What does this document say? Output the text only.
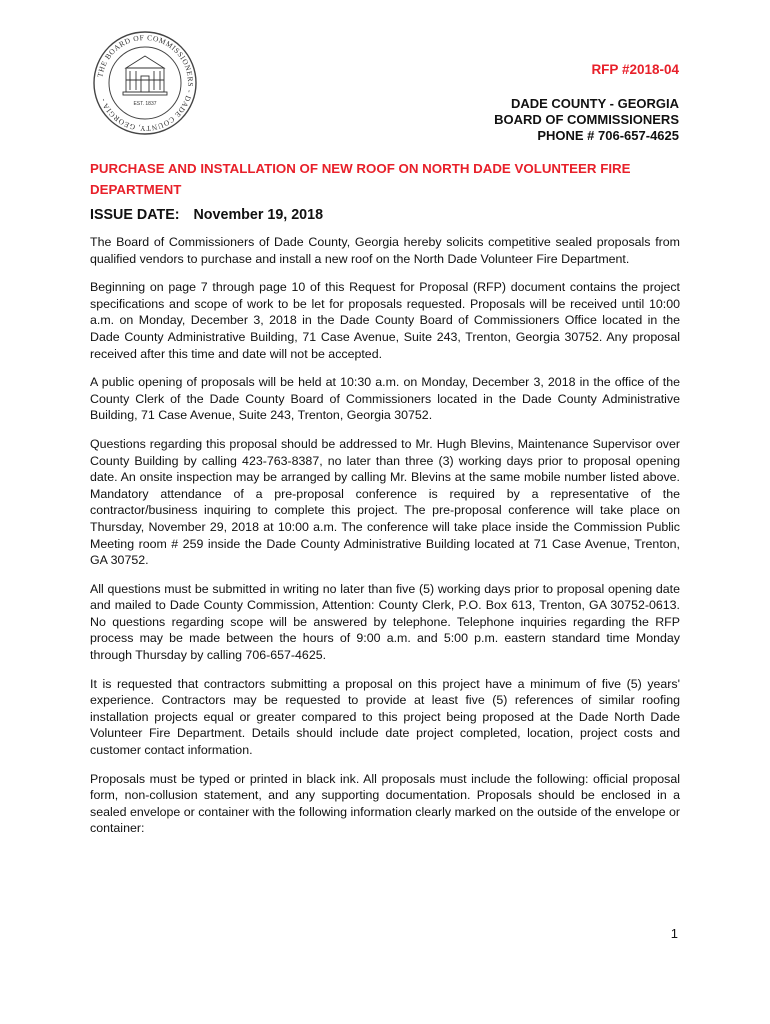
THE BOARD OF COMMISSIONERS - DADE COUNTY, GEORGIA -
EST. 1837
RFP #2018-04
DADE COUNTY - GEORGIA
BOARD OF COMMISSIONERS
PHONE # 706-657-4625
PURCHASE AND INSTALLATION OF NEW ROOF ON NORTH DADE VOLUNTEER FIRE DEPARTMENT
ISSUE DATE: November 19, 2018

The Board of Commissioners of Dade County, Georgia hereby solicits competitive sealed proposals from qualified vendors to purchase and install a new roof on the North Dade Volunteer Fire Department.

Beginning on page 7 through page 10 of this Request for Proposal (RFP) document contains the project specifications and scope of work to be let for proposals requested. Proposals will be received until 10:00 a.m. on Monday, December 3, 2018 in the Dade County Board of Commissioners Office located in the Dade County Administrative Building, 71 Case Avenue, Suite 243, Trenton, Georgia 30752. Any proposal received after this time and date will not be accepted.

A public opening of proposals will be held at 10:30 a.m. on Monday, December 3, 2018 in the office of the County Clerk of the Dade County Board of Commissioners located in the Dade County Administrative Building, 71 Case Avenue, Suite 243, Trenton, Georgia 30752.

Questions regarding this proposal should be addressed to Mr. Hugh Blevins, Maintenance Supervisor over County Building by calling 423-763-8387, no later than three (3) working days prior to proposal opening date. An onsite inspection may be arranged by calling Mr. Blevins at the same mobile number listed above. Mandatory attendance of a pre-proposal conference is required by a representative of the contractor/business inquiring to complete this project. The pre-proposal conference will take place on Thursday, November 29, 2018 at 10:00 a.m. The conference will take place inside the Commission Public Meeting room # 259 inside the Dade County Administrative Building located at 71 Case Avenue, Trenton, GA 30752.

All questions must be submitted in writing no later than five (5) working days prior to proposal opening date and mailed to Dade County Commission, Attention: County Clerk, P.O. Box 613, Trenton, GA 30752-0613. No questions regarding scope will be answered by telephone. Telephone inquiries regarding the RFP process may be made between the hours of 9:00 a.m. and 5:00 p.m. eastern standard time Monday through Thursday by calling 706-657-4625.

It is requested that contractors submitting a proposal on this project have a minimum of five (5) years' experience. Contractors may be requested to provide at least five (5) references of similar roofing installation projects equal or greater compared to this project being proposed at the Dade North Dade Volunteer Fire Department. Details should include date project completed, location, project costs and customer contact information.

Proposals must be typed or printed in black ink. All proposals must include the following: official proposal form, non-collusion statement, and any supporting documentation. Proposals should be enclosed in a sealed envelope or container with the following information clearly marked on the outside of the envelope or container:

1
